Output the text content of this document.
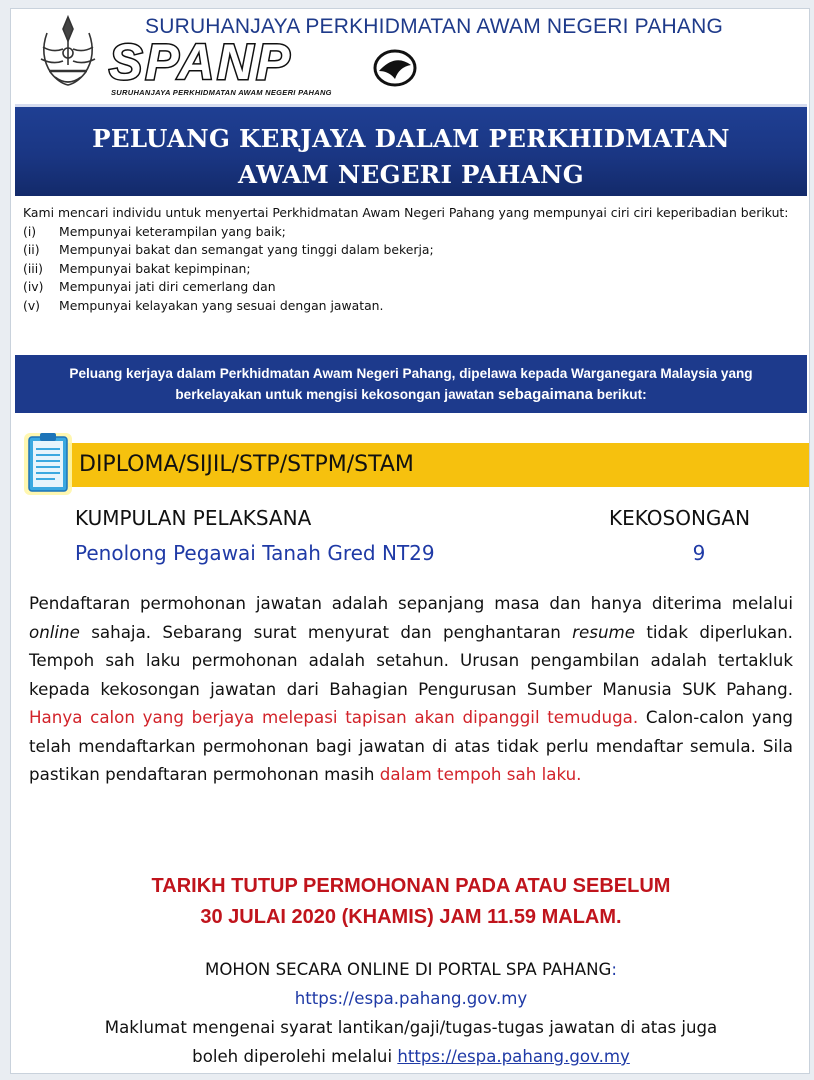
SURUHANJAYA PERKHIDMATAN AWAM NEGERI PAHANG
SPANP
SURUHANJAYA PERKHIDMATAN AWAM NEGERI PAHANG
PELUANG KERJAYA DALAM PERKHIDMATAN
AWAM NEGERI PAHANG

Kami mencari individu untuk menyertai Perkhidmatan Awam Negeri Pahang yang mempunyai ciri ciri keperibadian berikut:

(i)	Mempunyai keterampilan yang baik;
(ii)	Mempunyai bakat dan semangat yang tinggi dalam bekerja;
(iii)	Mempunyai bakat kepimpinan;
(iv)	Mempunyai jati diri cemerlang dan
(v)	Mempunyai kelayakan yang sesuai dengan jawatan.
Peluang kerjaya dalam Perkhidmatan Awam Negeri Pahang, dipelawa kepada Warganegara Malaysia yang
berkelayakan untuk mengisi kekosongan jawatan sebagaimana berikut:
DIPLOMA/SIJIL/STP/STPM/STAM
KUMPULAN PELAKSANA	KEKOSONGAN
Penolong Pegawai Tanah Gred NT29	9
Pendaftaran permohonan jawatan adalah sepanjang masa dan hanya diterima melalui online sahaja. Sebarang surat menyurat dan penghantaran resume tidak diperlukan. Tempoh sah laku permohonan adalah setahun. Urusan pengambilan adalah tertakluk kepada kekosongan jawatan dari Bahagian Pengurusan Sumber Manusia SUK Pahang. Hanya calon yang berjaya melepasi tapisan akan dipanggil temuduga. Calon-calon yang telah mendaftarkan permohonan bagi jawatan di atas tidak perlu mendaftar semula. Sila pastikan pendaftaran permohonan masih dalam tempoh sah laku.
TARIKH TUTUP PERMOHONAN PADA ATAU SEBELUM
30 JULAI 2020 (KHAMIS) JAM 11.59 MALAM.
MOHON SECARA ONLINE DI PORTAL SPA PAHANG:
https://espa.pahang.gov.my
Maklumat mengenai syarat lantikan/gaji/tugas-tugas jawatan di atas juga
boleh diperolehi melalui https://espa.pahang.gov.my
